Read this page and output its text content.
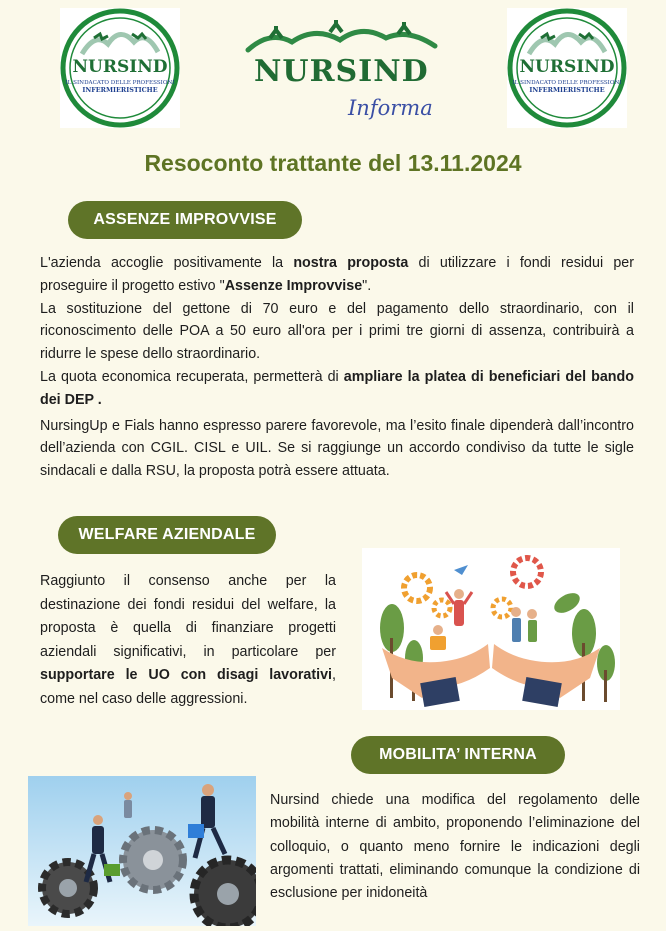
NURSIND
IL SINDACATO DELLE PROFESSIONI
INFERMIERISTICHE
NURSIND
Informa
NURSIND
IL SINDACATO DELLE PROFESSIONI
INFERMIERISTICHE
Resoconto trattante del 13.11.2024
ASSENZE IMPROVVISE

L'azienda accoglie positivamente la nostra proposta di utilizzare i fondi residui per proseguire il progetto estivo "Assenze Improvvise".

La sostituzione del gettone di 70 euro e del pagamento dello straordinario, con il riconoscimento delle POA a 50 euro all'ora per i primi tre giorni di assenza, contribuirà a ridurre le spese dello straordinario.

La quota economica recuperata, permetterà di ampliare la platea di beneficiari del bando dei DEP .

NursingUp e Fials hanno espresso parere favorevole, ma l’esito finale dipenderà dall’incontro dell’azienda con CGIL. CISL e UIL. Se si raggiunge un accordo condiviso da tutte le sigle sindacali e dalla RSU, la proposta potrà essere attuata.

WELFARE AZIENDALE

Raggiunto il consenso anche per la destinazione dei fondi residui del welfare, la proposta è quella di finanziare progetti aziendali significativi, in particolare per supportare le UO con disagi lavorativi, come nel caso delle aggressioni.

MOBILITA’ INTERNA
Nursind chiede una modifica del regolamento delle mobilità interne di ambito, proponendo l’eliminazione del colloquio, o quanto meno fornire le indicazioni degli argomenti trattati, eliminando comunque la condizione di esclusione per inidoneità
